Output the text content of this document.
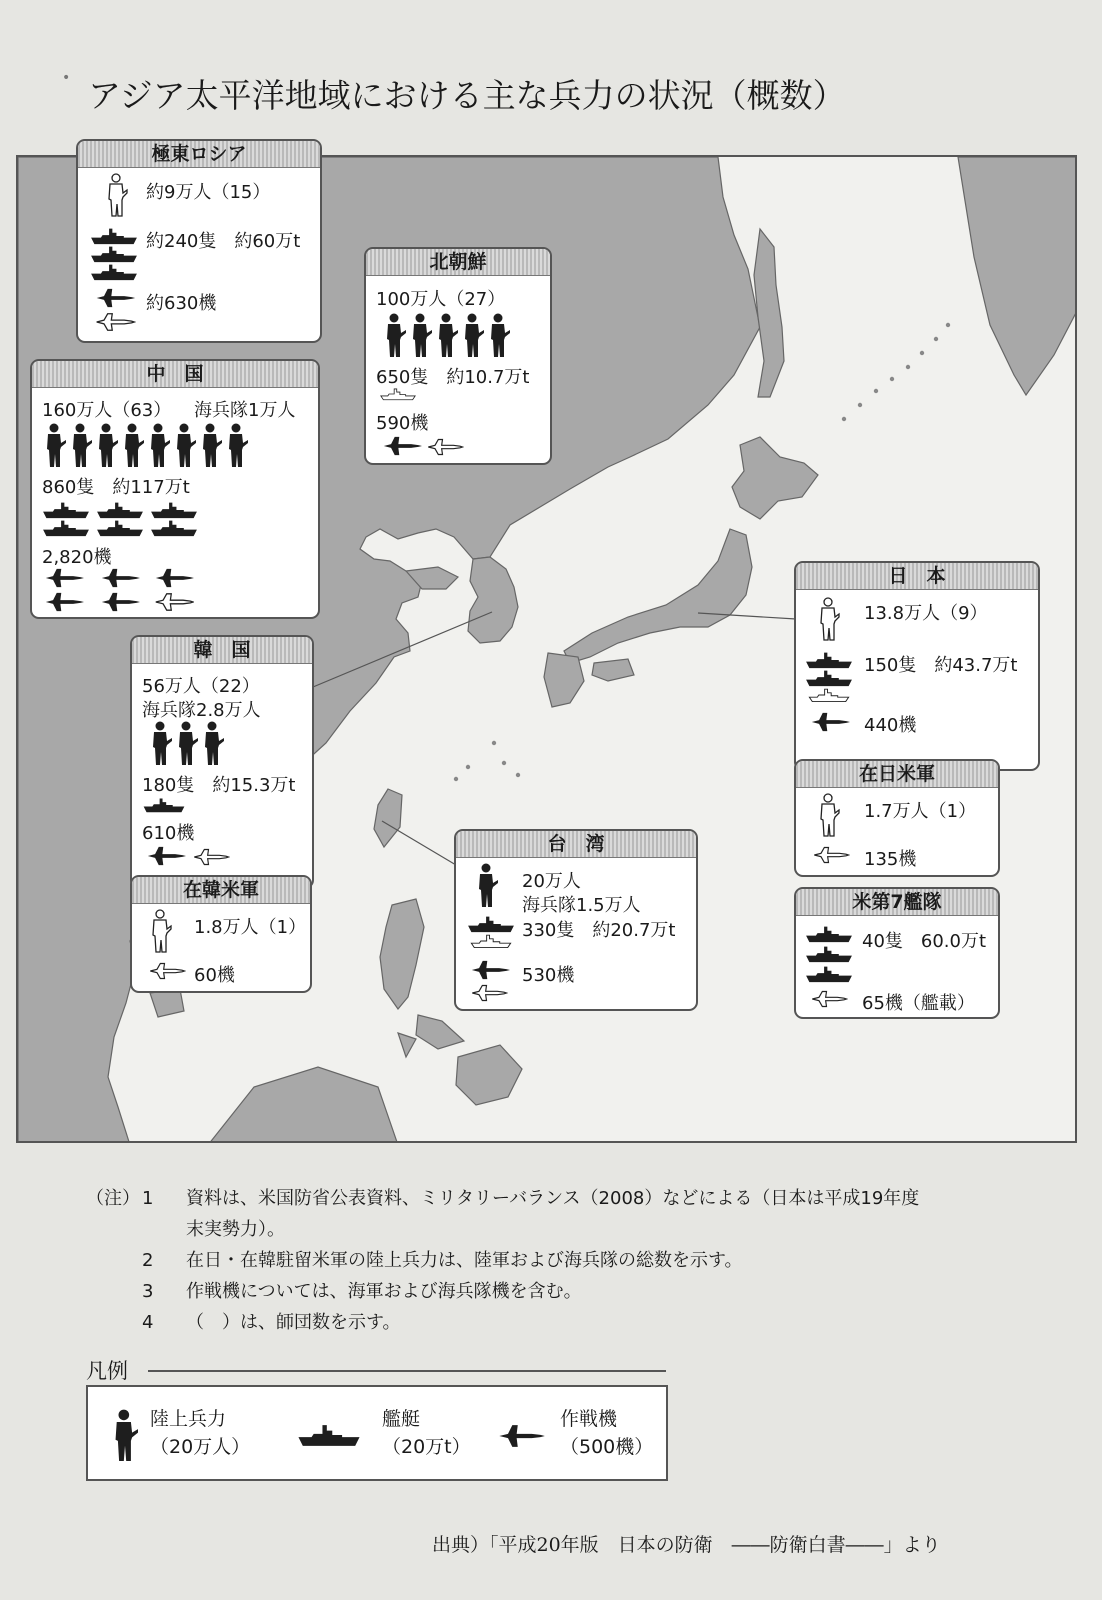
• アジア太平洋地域における主な兵力の状況（概数）
極東ロシア
約9万人（15）
約240隻　約60万t
約630機
北朝鮮
100万人（27）
650隻　約10.7万t
590機
中　国
160万人（63） 海兵隊1万人
860隻　約117万t
2,820機
韓　国
56万人（22）
海兵隊2.8万人
180隻　約15.3万t
610機
在韓米軍
1.8万人（1）
60機
台　湾
20万人
海兵隊1.5万人
330隻　約20.7万t
530機
日　本
13.8万人（9）
150隻　約43.7万t
440機
在日米軍
1.7万人（1）
135機
米第7艦隊
40隻　60.0万t
65機（艦載）
（注） 1 資料は、米国防省公表資料、ミリタリーバランス（2008）などによる（日本は平成19年度
末実勢力）。
2 在日・在韓駐留米軍の陸上兵力は、陸軍および海兵隊の総数を示す。
3 作戦機については、海軍および海兵隊機を含む。
4 （　）は、師団数を示す。
凡例
陸上兵力
（20万人）
艦艇
（20万t）
作戦機
（500機）
出典）「平成20年版　日本の防衛　――防衛白書――」より
